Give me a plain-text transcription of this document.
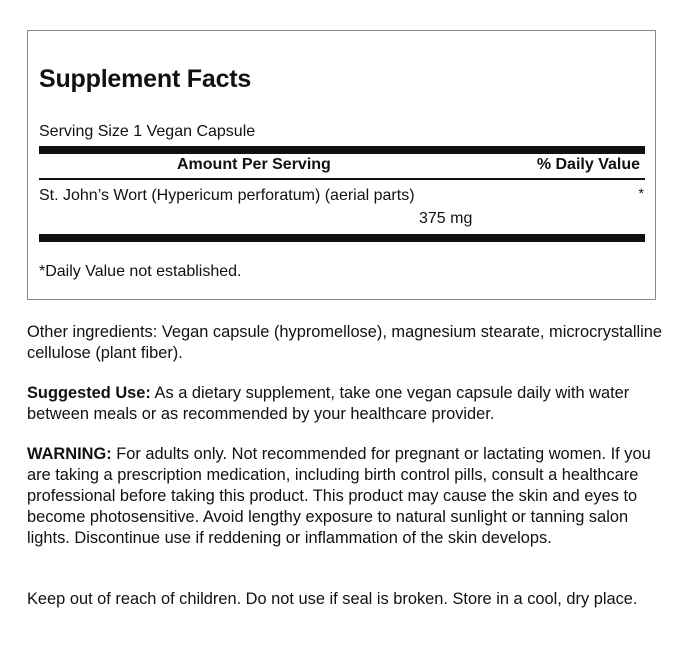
Supplement Facts
Serving Size 1 Vegan Capsule
Amount Per Serving	% Daily Value
St. John’s Wort (Hypericum perforatum) (aerial parts)	*
375 mg
*Daily Value not established.

Other ingredients: Vegan capsule (hypromellose), magnesium stearate, microcrystalline cellulose (plant fiber).

Suggested Use: As a dietary supplement, take one vegan capsule daily with water between meals or as recommended by your healthcare provider.

WARNING: For adults only. Not recommended for pregnant or lactating women. If you are taking a prescription medication, including birth control pills, consult a healthcare professional before taking this product. This product may cause the skin and eyes to become photosensitive. Avoid lengthy exposure to natural sunlight or tanning salon lights. Discontinue use if reddening or inflammation of the skin develops.

Keep out of reach of children. Do not use if seal is broken. Store in a cool, dry place.
